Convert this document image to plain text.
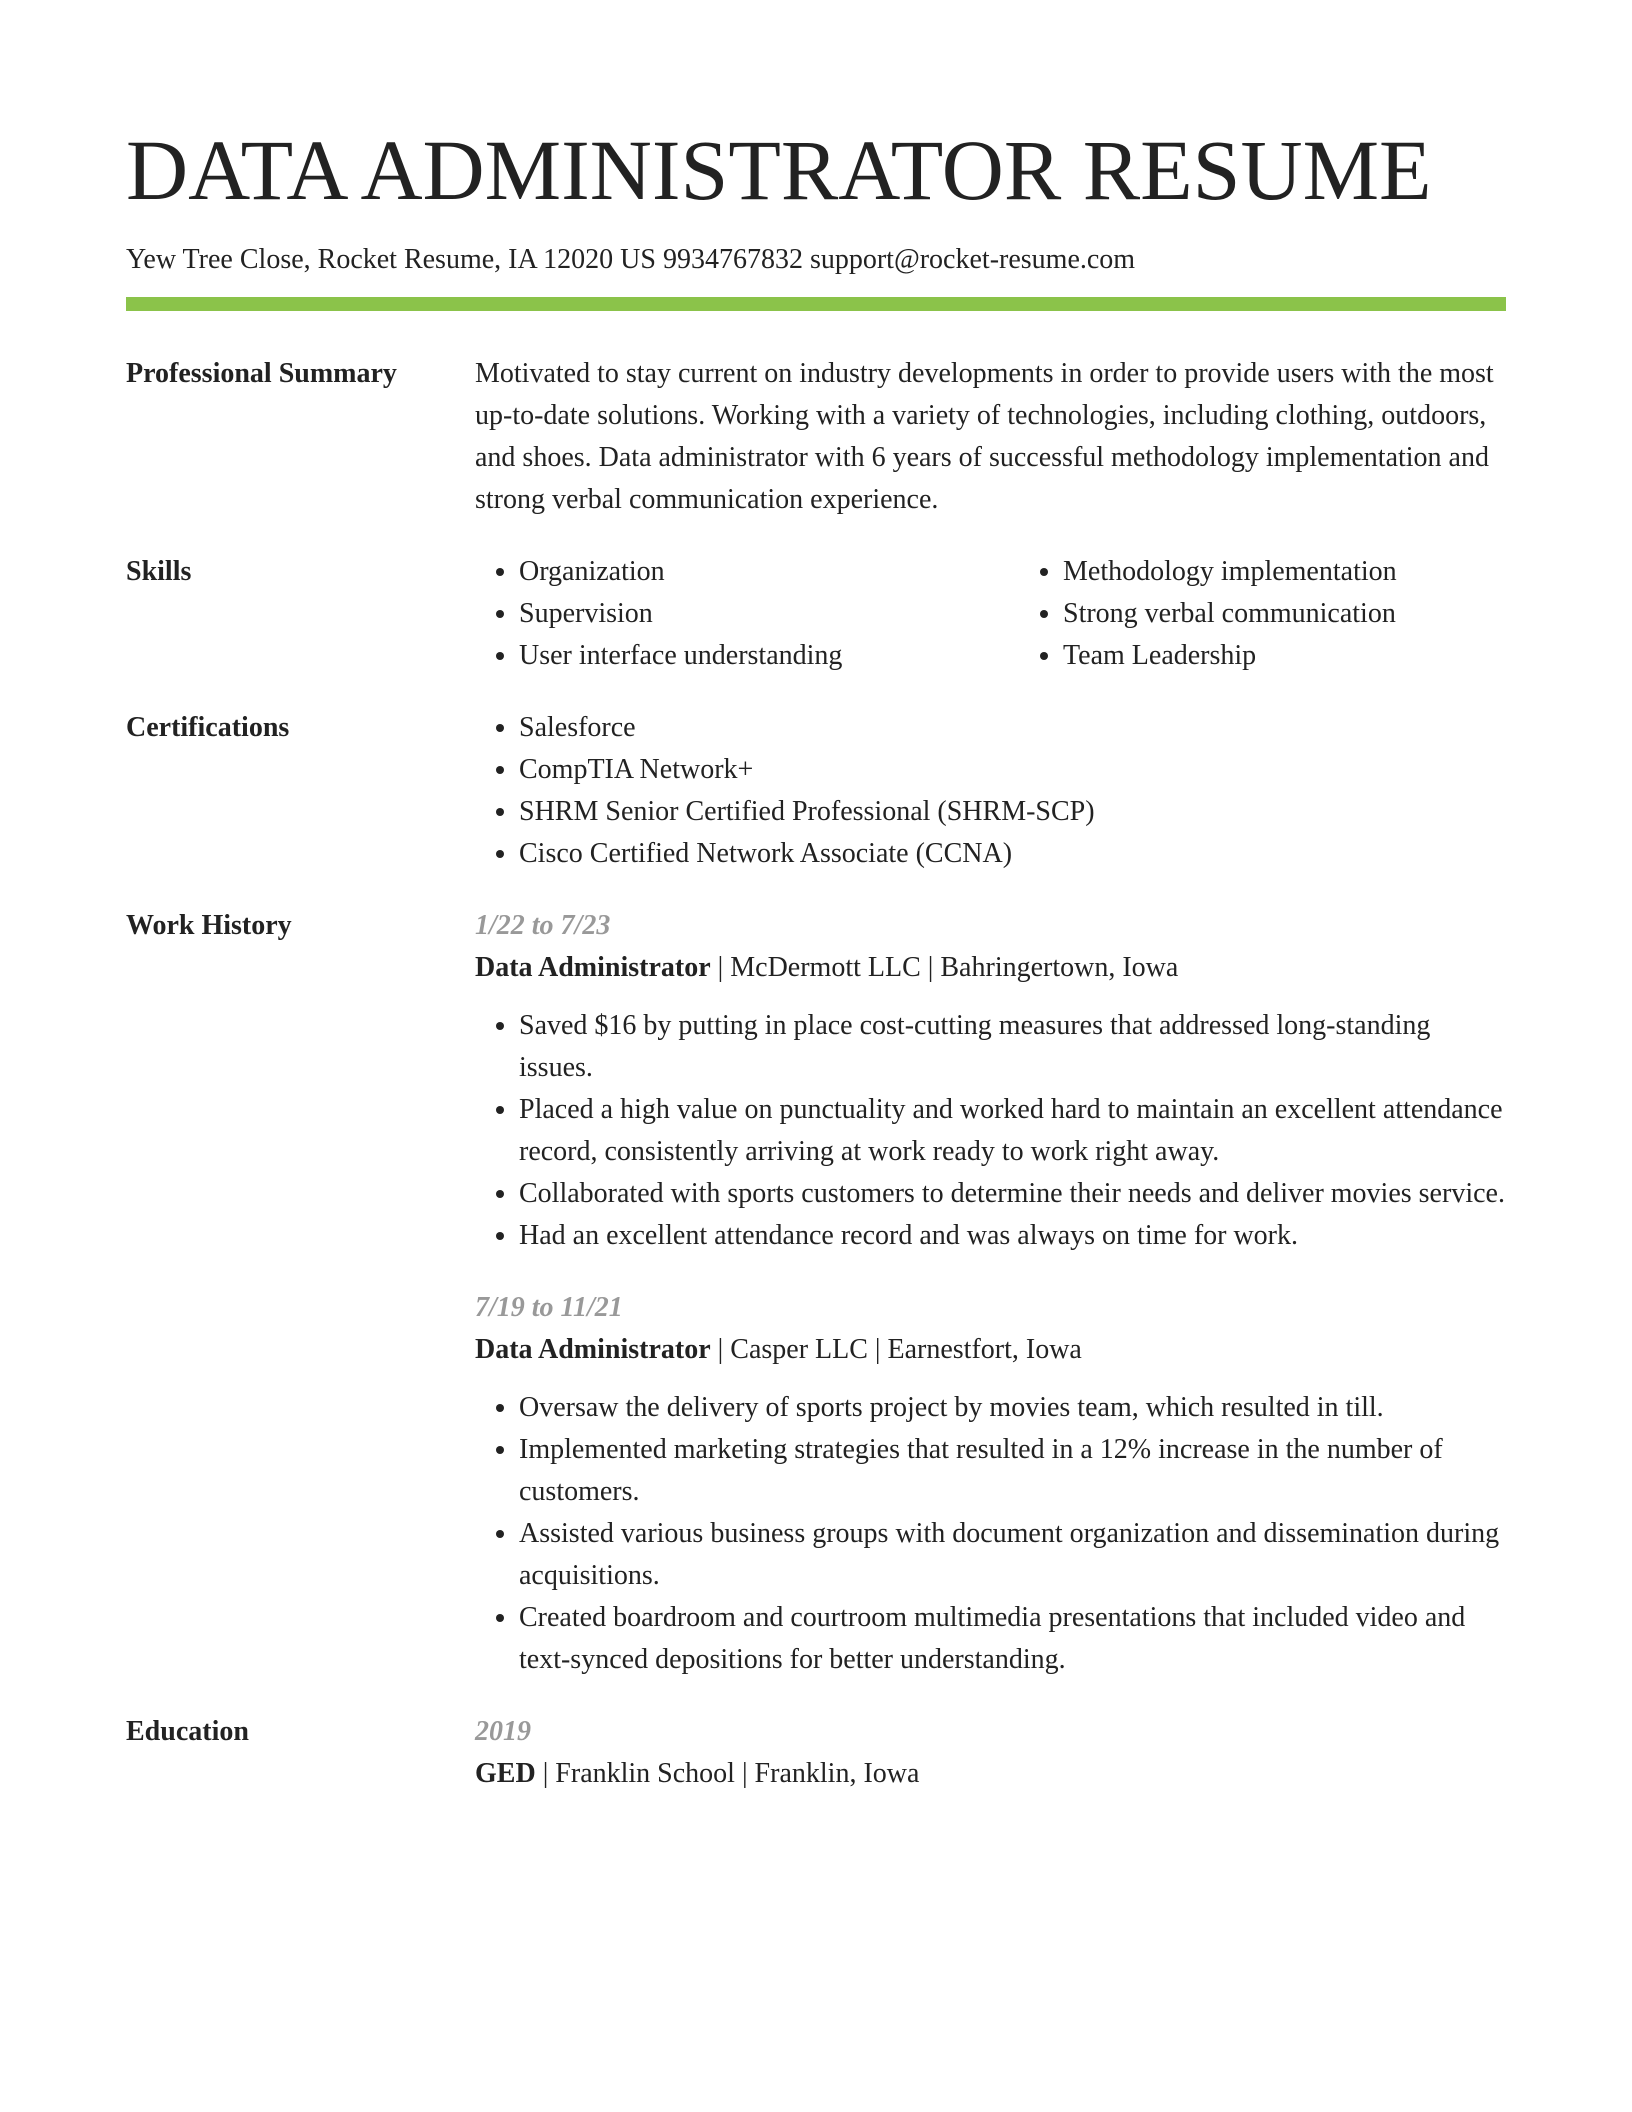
DATA ADMINISTRATOR RESUME
Yew Tree Close, Rocket Resume, IA 12020 US 9934767832 support@rocket-resume.com
Professional Summary	Motivated to stay current on industry developments in order to provide users with the most up-to-date solutions. Working with a variety of technologies, including clothing, outdoors, and shoes. Data administrator with 6 years of successful methodology implementation and strong verbal communication experience.

Skills	• Organization
• Supervision
• User interface understanding
• Methodology implementation
• Strong verbal communication
• Team Leadership
Certifications	• Salesforce
• CompTIA Network+
• SHRM Senior Certified Professional (SHRM-SCP)
• Cisco Certified Network Associate (CCNA)
Work History	1/22 to 7/23
Data Administrator | McDermott LLC | Bahringertown, Iowa
• Saved $16 by putting in place cost-cutting measures that addressed long-standing issues.
• Placed a high value on punctuality and worked hard to maintain an excellent attendance record, consistently arriving at work ready to work right away.
• Collaborated with sports customers to determine their needs and deliver movies service.
• Had an excellent attendance record and was always on time for work.
7/19 to 11/21
Data Administrator | Casper LLC | Earnestfort, Iowa
• Oversaw the delivery of sports project by movies team, which resulted in till.
• Implemented marketing strategies that resulted in a 12% increase in the number of customers.
• Assisted various business groups with document organization and dissemination during acquisitions.
• Created boardroom and courtroom multimedia presentations that included video and text-synced depositions for better understanding.
Education	2019
GED | Franklin School | Franklin, Iowa
